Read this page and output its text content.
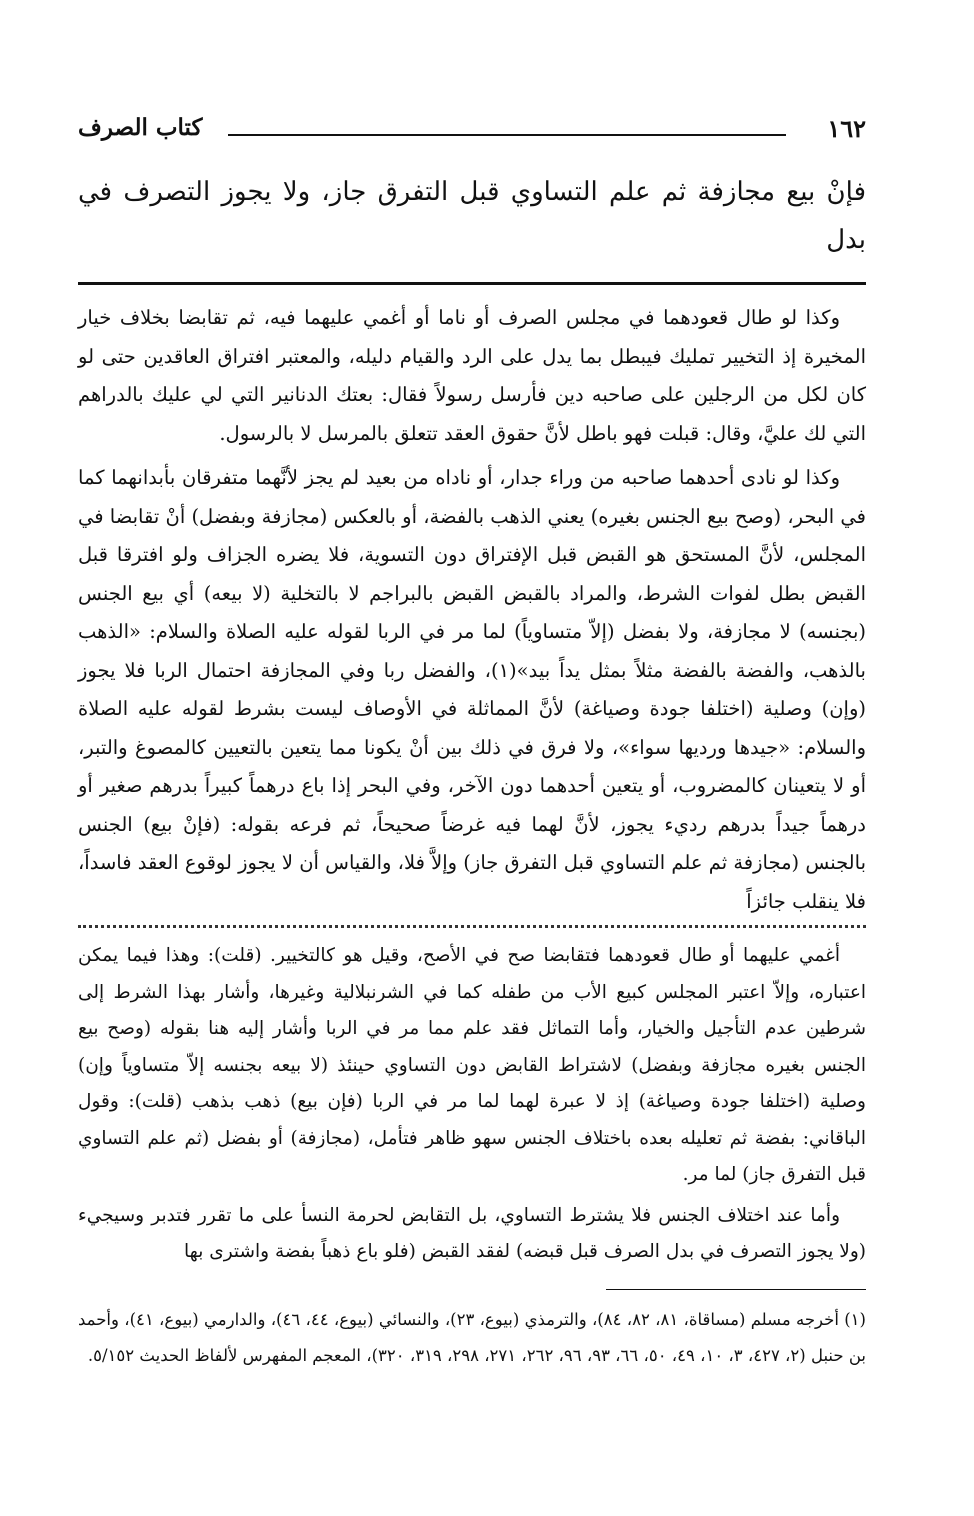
١٦٢
كتاب الصرف
فإنْ بيع مجازفة ثم علم التساوي قبل التفرق جاز، ولا يجوز التصرف في بدل

وكذا لو طال قعودهما في مجلس الصرف أو ناما أو أغمي عليهما فيه، ثم تقابضا بخلاف خيار المخيرة إذ التخيير تمليك فيبطل بما يدل على الرد والقيام دليله، والمعتبر افتراق العاقدين حتى لو كان لكل من الرجلين على صاحبه دين فأرسل رسولاً فقال: بعتك الدنانير التي لي عليك بالدراهم التي لك عليَّ، وقال: قبلت فهو باطل لأنَّ حقوق العقد تتعلق بالمرسل لا بالرسول.

وكذا لو نادى أحدهما صاحبه من وراء جدار، أو ناداه من بعيد لم يجز لأنَّهما متفرقان بأبدانهما كما في البحر، (وصح بيع الجنس بغيره) يعني الذهب بالفضة، أو بالعكس (مجازفة وبفضل) أنْ تقابضا في المجلس، لأنَّ المستحق هو القبض قبل الإفتراق دون التسوية، فلا يضره الجزاف ولو افترقا قبل القبض بطل لفوات الشرط، والمراد بالقبض القبض بالبراجم لا بالتخلية (لا بيعه) أي بيع الجنس (بجنسه) لا مجازفة، ولا بفضل (إلاّ متساوياً) لما مر في الربا لقوله عليه الصلاة والسلام: «الذهب بالذهب، والفضة بالفضة مثلاً بمثل يداً بيد»(١)، والفضل ربا وفي المجازفة احتمال الربا فلا يجوز (وإن) وصلية (اختلفا جودة وصياغة) لأنَّ المماثلة في الأوصاف ليست بشرط لقوله عليه الصلاة والسلام: «جيدها ورديها سواء»، ولا فرق في ذلك بين أنْ يكونا مما يتعين بالتعيين كالمصوغ والتبر، أو لا يتعينان كالمضروب، أو يتعين أحدهما دون الآخر، وفي البحر إذا باع درهماً كبيراً بدرهم صغير أو درهماً جيداً بدرهم رديء يجوز، لأنَّ لهما فيه غرضاً صحيحاً، ثم فرعه بقوله: (فإنْ بيع) الجنس بالجنس (مجازفة ثم علم التساوي قبل التفرق جاز) وإلاَّ فلا، والقياس أن لا يجوز لوقوع العقد فاسداً، فلا ينقلب جائزاً

أغمي عليهما أو طال قعودهما فتقابضا صح في الأصح، وقيل هو كالتخيير. (قلت): وهذا فيما يمكن اعتباره، وإلاّ اعتبر المجلس كبيع الأب من طفله كما في الشرنبلالية وغيرها، وأشار بهذا الشرط إلى شرطين عدم التأجيل والخيار، وأما التماثل فقد علم مما مر في الربا وأشار إليه هنا بقوله (وصح بيع الجنس بغيره مجازفة وبفضل) لاشتراط القابض دون التساوي حينئذ (لا بيعه بجنسه إلاّ متساوياً وإن) وصلية (اختلفا جودة وصياغة) إذ لا عبرة لهما لما مر في الربا (فإن بيع) ذهب بذهب (قلت): وقول الباقاني: بفضة ثم تعليله بعده باختلاف الجنس سهو ظاهر فتأمل، (مجازفة) أو بفضل (ثم علم التساوي قبل التفرق جاز) لما مر.

وأما عند اختلاف الجنس فلا يشترط التساوي، بل التقابض لحرمة النسأ على ما تقرر فتدبر وسيجيء (ولا يجوز التصرف في بدل الصرف قبل قبضه) لفقد القبض (فلو باع ذهباً بفضة واشترى بها

(١) أخرجه مسلم (مساقاة، ٨١، ٨٢، ٨٤)، والترمذي (بيوع، ٢٣)، والنسائي (بيوع، ٤٤، ٤٦)، والدارمي (بيوع، ٤١)، وأحمد بن حنبل (٢، ٤٢٧، ٣، ١٠، ٤٩، ٥٠، ٦٦، ٩٣، ٩٦، ٢٦٢، ٢٧١، ٢٩٨، ٣١٩، ٣٢٠)، المعجم المفهرس لألفاظ الحديث ٥/١٥٢.
